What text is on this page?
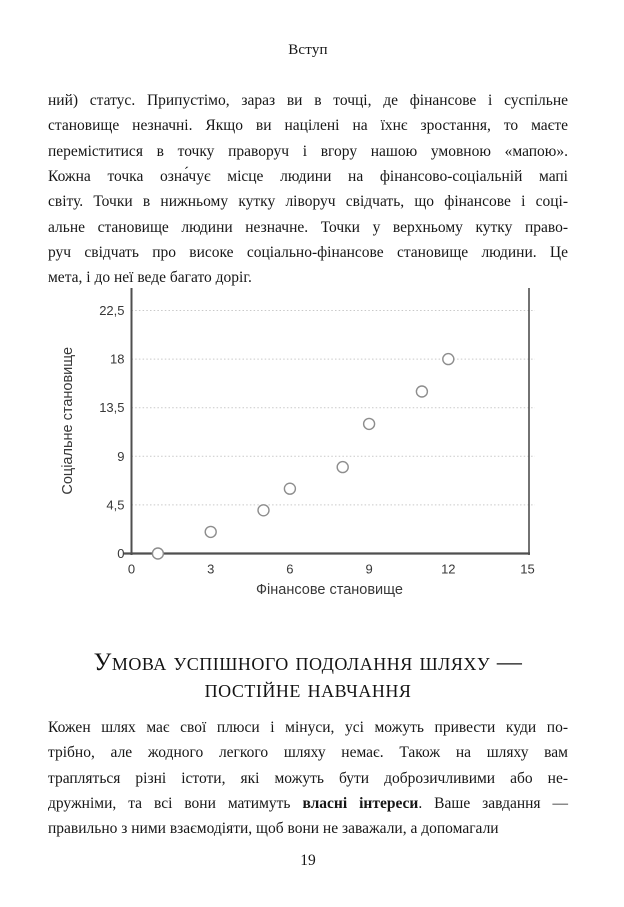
Вступ
ний) статус. Припустімо, зараз ви в точці, де фінансове і суспільне
становище незначні. Якщо ви націлені на їхнє зростання, то маєте
переміститися в точку праворуч і вгору нашою умовною «мапою».
Кожна точка озна́чує місце людини на фінансово-соціальній мапі
світу. Точки в нижньому кутку ліворуч свідчать, що фінансове і соці-
альне становище людини незначне. Точки у верхньому кутку право-
руч свідчать про високе соціально-фінансове становище людини. Це
мета, і до неї веде багато доріг.
0
4,5
9
13,5
18
22,5
0	3	6	9	12	15
Фінансове становище
Соціальне становище
Умова успішного подолання шляху —
постійне навчання
Кожен шлях має свої плюси і мінуси, усі можуть привести куди по-
трібно, але жодного легкого шляху немає. Також на шляху вам
трапляться різні істоти, які можуть бути доброзичливими або не-
дружніми, та всі вони матимуть власні інтереси. Ваше завдання —
правильно з ними взаємодіяти, щоб вони не заважали, а допомагали
19
